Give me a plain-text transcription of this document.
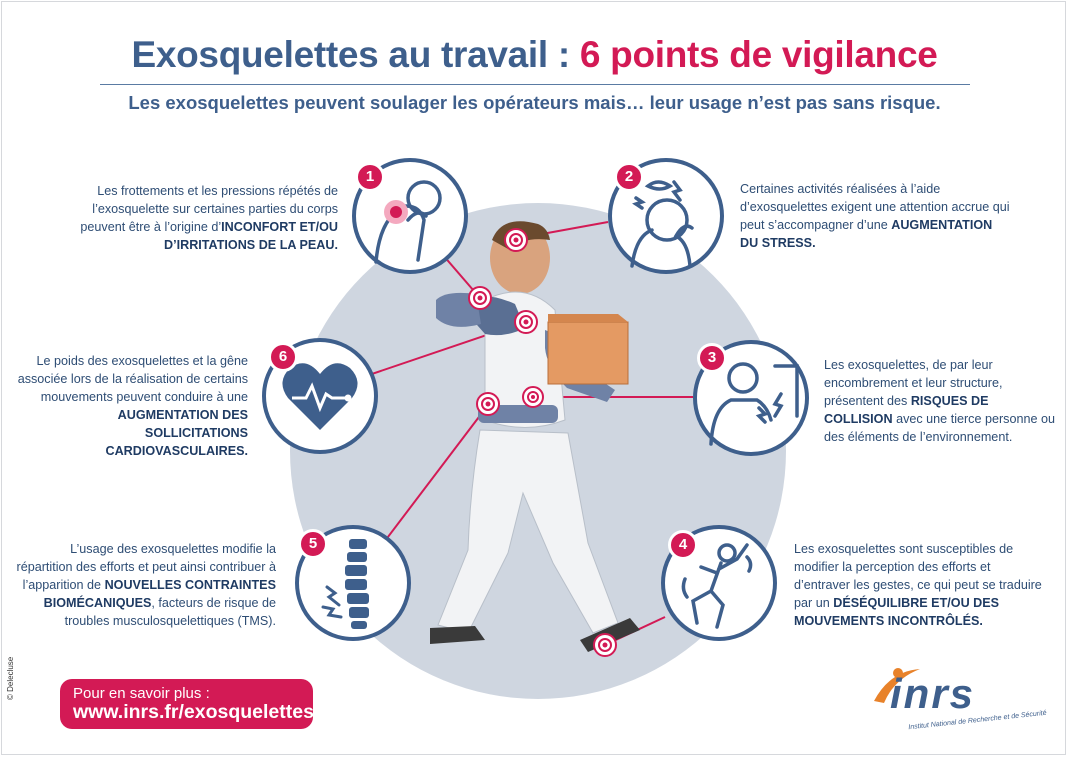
Exosquelettes au travail : 6 points de vigilance
Les exosquelettes peuvent soulager les opérateurs mais… leur usage n’est pas sans risque.
Les frottements et les pressions répétés de l’exosquelette sur certaines parties du corps peuvent être à l’origine d’INCONFORT ET/OU D’IRRITATIONS DE LA PEAU.
1	2
Certaines activités réalisées à l’aide d’exosquelettes exigent une attention accrue qui peut s’accompagner d’une AUGMENTATION DU STRESS.
Le poids des exosquelettes et la gêne associée lors de la réalisation de certains mouvements peuvent conduire à une AUGMENTATION DES SOLLICITATIONS CARDIOVASCULAIRES.
6	3	Les exosquelettes, de par leur encombrement et leur structure, présentent des RISQUES DE COLLISION avec une tierce personne ou des éléments de l’environnement.
L’usage des exosquelettes modifie la répartition des efforts et peut ainsi contribuer à l’apparition de NOUVELLES CONTRAINTES BIOMÉCANIQUES, facteurs de risque de troubles musculosquelettiques (TMS).
5	4	Les exosquelettes sont susceptibles de modifier la perception des efforts et d’entraver les gestes, ce qui peut se traduire par un DÉSÉQUILIBRE ET/OU DES MOUVEMENTS INCONTRÔLÉS.
Pour en savoir plus :
www.inrs.fr/exosquelettes
© Delecluse	inrs
Institut National de Recherche et de Sécurité
